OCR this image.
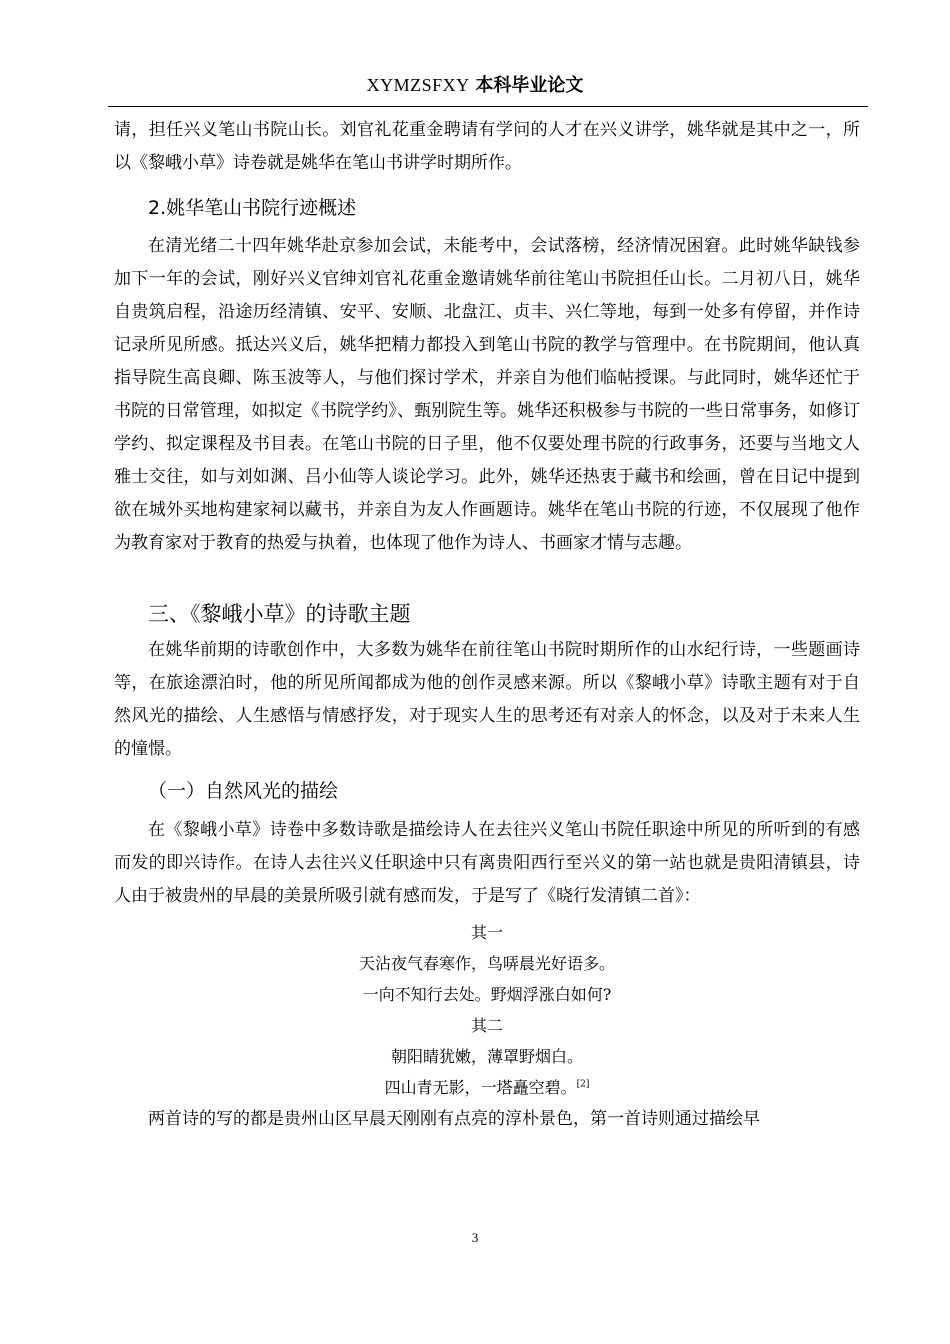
XYMZSFXY 本科毕业论文

请，担任兴义笔山书院山长。刘官礼花重金聘请有学问的人才在兴义讲学，姚华就是其中之一，所以《黎峨小草》诗卷就是姚华在笔山书讲学时期所作。

2.姚华笔山书院行迹概述

在清光绪二十四年姚华赴京参加会试，未能考中，会试落榜，经济情况困窘。此时姚华缺钱参加下一年的会试，刚好兴义官绅刘官礼花重金邀请姚华前往笔山书院担任山长。二月初八日，姚华自贵筑启程，沿途历经清镇、安平、安顺、北盘江、贞丰、兴仁等地，每到一处多有停留，并作诗记录所见所感。抵达兴义后，姚华把精力都投入到笔山书院的教学与管理中。在书院期间，他认真指导院生高良卿、陈玉波等人，与他们探讨学术，并亲自为他们临帖授课。与此同时，姚华还忙于书院的日常管理，如拟定《书院学约》、甄别院生等。姚华还积极参与书院的一些日常事务，如修订学约、拟定课程及书目表。在笔山书院的日子里，他不仅要处理书院的行政事务，还要与当地文人雅士交往，如与刘如渊、吕小仙等人谈论学习。此外，姚华还热衷于藏书和绘画，曾在日记中提到欲在城外买地构建家祠以藏书，并亲自为友人作画题诗。姚华在笔山书院的行迹，不仅展现了他作为教育家对于教育的热爱与执着，也体现了他作为诗人、书画家才情与志趣。

三、《黎峨小草》的诗歌主题

在姚华前期的诗歌创作中，大多数为姚华在前往笔山书院时期所作的山水纪行诗，一些题画诗等，在旅途漂泊时，他的所见所闻都成为他的创作灵感来源。所以《黎峨小草》诗歌主题有对于自然风光的描绘、人生感悟与情感抒发，对于现实人生的思考还有对亲人的怀念，以及对于未来人生的憧憬。

（一）自然风光的描绘

在《黎峨小草》诗卷中多数诗歌是描绘诗人在去往兴义笔山书院任职途中所见的所听到的有感而发的即兴诗作。在诗人去往兴义任职途中只有离贵阳西行至兴义的第一站也就是贵阳清镇县，诗人由于被贵州的早晨的美景所吸引就有感而发，于是写了《晓行发清镇二首》：

其一
天沾夜气春寒作，鸟哢晨光好语多。
一向不知行去处。野烟浮涨白如何?
其二
朝阳睛犹嫩，薄罩野烟白。
四山青无影，一塔矗空碧。[2]

两首诗的写的都是贵州山区早晨天刚刚有点亮的淳朴景色，第一首诗则通过描绘早

3
